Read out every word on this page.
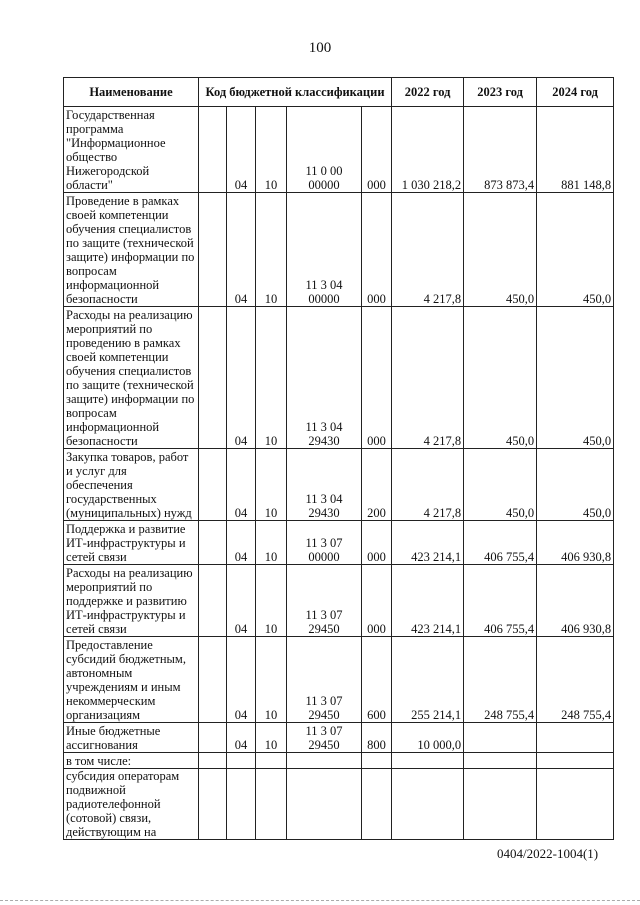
100
Наименование	Код бюджетной классификации					2022 год	2023 год	2024 год
Государственная программа "Информационное общество Нижегородской области"		04	10	11 0 00 00000	000	1 030 218,2	873 873,4	881 148,8
Проведение в рамках своей компетенции обучения специалистов по защите (технической защите) информации по вопросам информационной безопасности		04	10	11 3 04 00000	000	4 217,8	450,0	450,0
Расходы на реализацию мероприятий по проведению в рамках своей компетенции обучения специалистов по защите (технической защите) информации по вопросам информационной безопасности		04	10	11 3 04 29430	000	4 217,8	450,0	450,0
Закупка товаров, работ и услуг для обеспечения государственных (муниципальных) нужд		04	10	11 3 04 29430	200	4 217,8	450,0	450,0
Поддержка и развитие ИТ-инфраструктуры и сетей связи		04	10	11 3 07 00000	000	423 214,1	406 755,4	406 930,8
Расходы на реализацию мероприятий по поддержке и развитию ИТ-инфраструктуры и сетей связи		04	10	11 3 07 29450	000	423 214,1	406 755,4	406 930,8
Предоставление субсидий бюджетным, автономным учреждениям и иным некоммерческим организациям		04	10	11 3 07 29450	600	255 214,1	248 755,4	248 755,4
Иные бюджетные ассигнования		04	10	11 3 07 29450	800	10 000,0		
в том числе:								
субсидия операторам подвижной радиотелефонной (сотовой) связи, действующим на								
0404/2022-1004(1)
